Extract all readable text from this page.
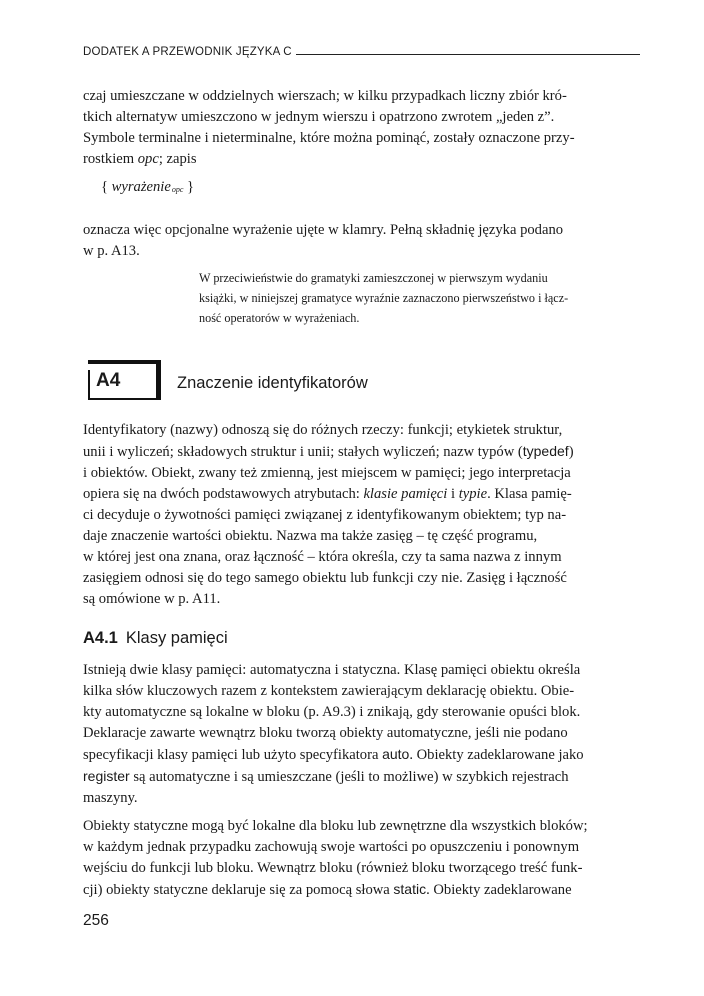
DODATEK A PRZEWODNIK JĘZYKA C

czaj umieszczane w oddzielnych wierszach; w kilku przypadkach liczny zbiór kró-

tkich alternatyw umieszczono w jednym wierszu i opatrzono zwrotem „jeden z”.

Symbole terminalne i nieterminalne, które można pominąć, zostały oznaczone przy-

rostkiem opc; zapis

{ wyrażenieopc }

oznacza więc opcjonalne wyrażenie ujęte w klamry. Pełną składnię języka podano

w p. A13.

W przeciwieństwie do gramatyki zamieszczonej w pierwszym wydaniu

książki, w niniejszej gramatyce wyraźnie zaznaczono pierwszeństwo i łącz-

ność operatorów w wyrażeniach.

A4	Znaczenie identyfikatorów

Identyfikatory (nazwy) odnoszą się do różnych rzeczy: funkcji; etykietek struktur,

unii i wyliczeń; składowych struktur i unii; stałych wyliczeń; nazw typów (typedef)

i obiektów. Obiekt, zwany też zmienną, jest miejscem w pamięci; jego interpretacja

opiera się na dwóch podstawowych atrybutach: klasie pamięci i typie. Klasa pamię-

ci decyduje o żywotności pamięci związanej z identyfikowanym obiektem; typ na-

daje znaczenie wartości obiektu. Nazwa ma także zasięg – tę część programu,

w której jest ona znana, oraz łączność – która określa, czy ta sama nazwa z innym

zasięgiem odnosi się do tego samego obiektu lub funkcji czy nie. Zasięg i łączność

są omówione w p. A11.

A4.1 Klasy pamięci

Istnieją dwie klasy pamięci: automatyczna i statyczna. Klasę pamięci obiektu określa

kilka słów kluczowych razem z kontekstem zawierającym deklarację obiektu. Obie-

kty automatyczne są lokalne w bloku (p. A9.3) i znikają, gdy sterowanie opuści blok.

Deklaracje zawarte wewnątrz bloku tworzą obiekty automatyczne, jeśli nie podano

specyfikacji klasy pamięci lub użyto specyfikatora auto. Obiekty zadeklarowane jako

register są automatyczne i są umieszczane (jeśli to możliwe) w szybkich rejestrach

maszyny.

Obiekty statyczne mogą być lokalne dla bloku lub zewnętrzne dla wszystkich bloków;

w każdym jednak przypadku zachowują swoje wartości po opuszczeniu i ponownym

wejściu do funkcji lub bloku. Wewnątrz bloku (również bloku tworzącego treść funk-

cji) obiekty statyczne deklaruje się za pomocą słowa static. Obiekty zadeklarowane

256
